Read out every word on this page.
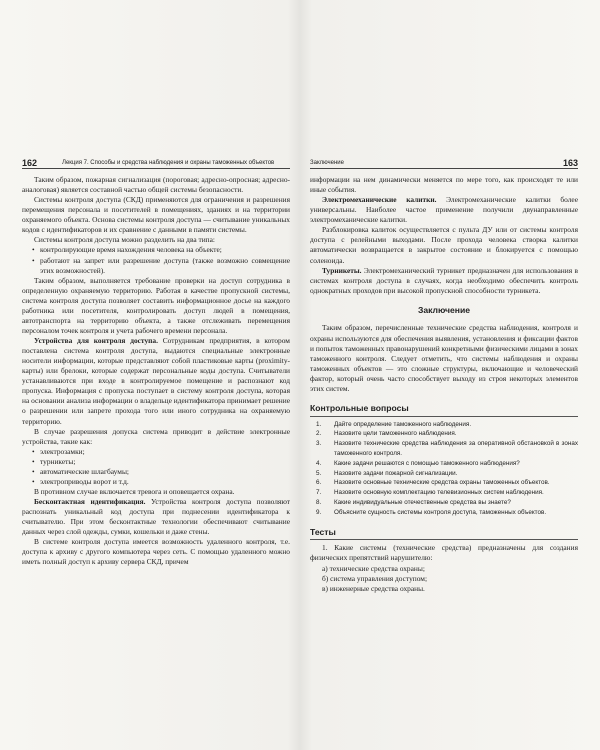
162	Лекция 7. Способы и средства наблюдения и охраны таможенных объектов

Таким образом, пожарная сигнализация (пороговая; адресно-опросная; адресно-аналоговая) является составной частью общей системы безопасности.

Системы контроля доступа (СКД) применяются для ограничения и разрешения перемещения персонала и посетителей в помещениях, зданиях и на территории охраняемого объекта. Основа системы контроля доступа — считывание уникальных кодов с идентификаторов и их сравнение с данными в памяти системы.

Системы контроля доступа можно разделить на два типа:

• контролирующие время нахождения человека на объекте;
• работают на запрет или разрешение доступа (также возможно совмещение этих возможностей).

Таким образом, выполняется требование проверки на доступ сотрудника в определенную охраняемую территорию. Работая в качестве пропускной системы, система контроля доступа позволяет составить информационное досье на каждого работника или посетителя, контролировать доступ людей в помещения, автотранспорта на территорию объекта, а также отслеживать перемещения персоналом точек контроля и учета рабочего времени персонала.

Устройства для контроля доступа. Сотрудникам предприятия, в котором поставлена система контроля доступа, выдаются специальные электронные носители информации, которые представляют собой пластиковые карты (proximity-карты) или брелоки, которые содержат персональные коды доступа. Считыватели устанавливаются при входе в контролируемое помещение и распознают код пропуска. Информация с пропуска поступает в систему контроля доступа, которая на основании анализа информации о владельце идентификатора принимает решение о разрешении или запрете прохода того или иного сотрудника на охраняемую территорию.

В случае разрешения допуска система приводит в действие электронные устройства, такие как:

• электрозамки;
• турникеты;
• автоматические шлагбаумы;
• электроприводы ворот и т.д.

В противном случае включается тревога и оповещается охрана.

Бесконтактная идентификация. Устройства контроля доступа позволяют распознать уникальный код доступа при поднесении идентификатора к считывателю. При этом бесконтактные технологии обеспечивают считывание данных через слой одежды, сумки, кошельки и даже стены.

В системе контроля доступа имеется возможность удаленного контроля, т.е. доступа к архиву с другого компьютера через сеть. С помощью удаленного можно иметь полный доступ к архиву сервера СКД, причем

Заключение	163

информации на нем динамически меняется по мере того, как происходят те или иные события.

Электромеханические калитки. Электромеханические калитки более универсальны. Наиболее частое применение получили двунаправленные электромеханические калитки.

Разблокировка калиток осуществляется с пульта ДУ или от системы контроля доступа с релейными выходами. После прохода человека створка калитки автоматически возвращается в закрытое состояние и блокируется с помощью соленоида.

Турникеты. Электромеханический турникет предназначен для использования в системах контроля доступа в случаях, когда необходимо обеспечить контроль однократных проходов при высокой пропускной способности турникета.

Заключение

Таким образом, перечисленные технические средства наблюдения, контроля и охраны используются для обеспечения выявления, установления и фиксации фактов и попыток таможенных правонарушений конкретными физическими лицами в зонах таможенного контроля. Следует отметить, что системы наблюдения и охраны таможенных объектов — это сложные структуры, включающие и человеческий фактор, который очень часто способствует выходу из строя некоторых элементов этих систем.

Контрольные вопросы
1. Дайте определение таможенного наблюдения.
2. Назовите цели таможенного наблюдения.
3. Назовите технические средства наблюдения за оперативной обстановкой в зонах таможенного контроля.
4. Какие задачи решаются с помощью таможенного наблюдения?
5. Назовите задачи пожарной сигнализации.
6. Назовите основные технические средства охраны таможенных объектов.
7. Назовите основную комплектацию телевизионных систем наблюдения.
8. Какие индивидуальные отечественные средства вы знаете?
9. Объясните сущность системы контроля доступа, таможенных объектов.
Тесты

1. Какие системы (технические средства) предназначены для создания физических препятствий нарушителю:

а) технические средства охраны;
б) система управления доступом;
в) инженерные средства охраны.
